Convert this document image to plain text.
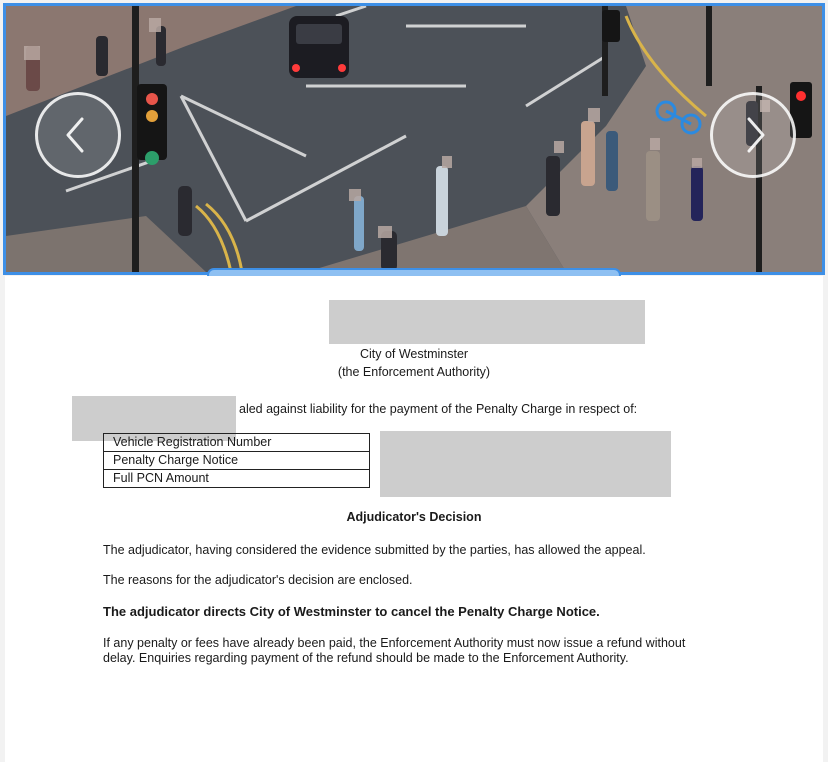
City of Westminster
(the Enforcement Authority)
aled against liability for the payment of the Penalty Charge in respect of:
Vehicle Registration Number
Penalty Charge Notice
Full PCN Amount
Adjudicator's Decision
The adjudicator, having considered the evidence submitted by the parties, has allowed the appeal.
The reasons for the adjudicator's decision are enclosed.
The adjudicator directs City of Westminster to cancel the Penalty Charge Notice.
If any penalty or fees have already been paid, the Enforcement Authority must now issue a refund without delay. Enquiries regarding payment of the refund should be made to the Enforcement Authority.
